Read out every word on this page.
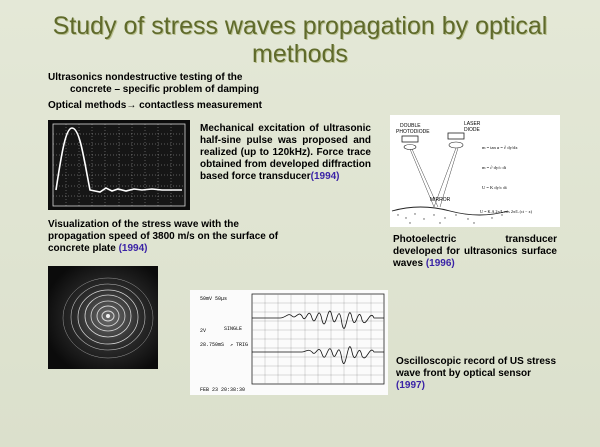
Study of stress waves propagation by optical methods
Ultrasonics nondestructive testing of the
concrete – specific problem of damping
Optical methods→ contactless measurement
Mechanical excitation of ultrasonic half-sine pulse was proposed and realized (up to 120kHz). Force trace obtained from developed diffraction based force transducer(1994)
DOUBLE
PHOTODIODE
LASER
DIODE
MIRROR
m = tan α = ∂ dy/dx
m = ∂ dy/c dt
U = K dy/c dt
U = K.A 2π/L cos 2π/L (ct − x)
Visualization of the stress wave with the propagation speed of 3800 m/s on the surface of concrete plate (1994)
Photoelectric transducer developed for ultrasonics surface waves (1996)
50mV 50μs
2V	SINGLE
28.750mS ↗ TRIG
FEB 23 20:38:30
Oscilloscopic record of US stress wave front by optical sensor (1997)
